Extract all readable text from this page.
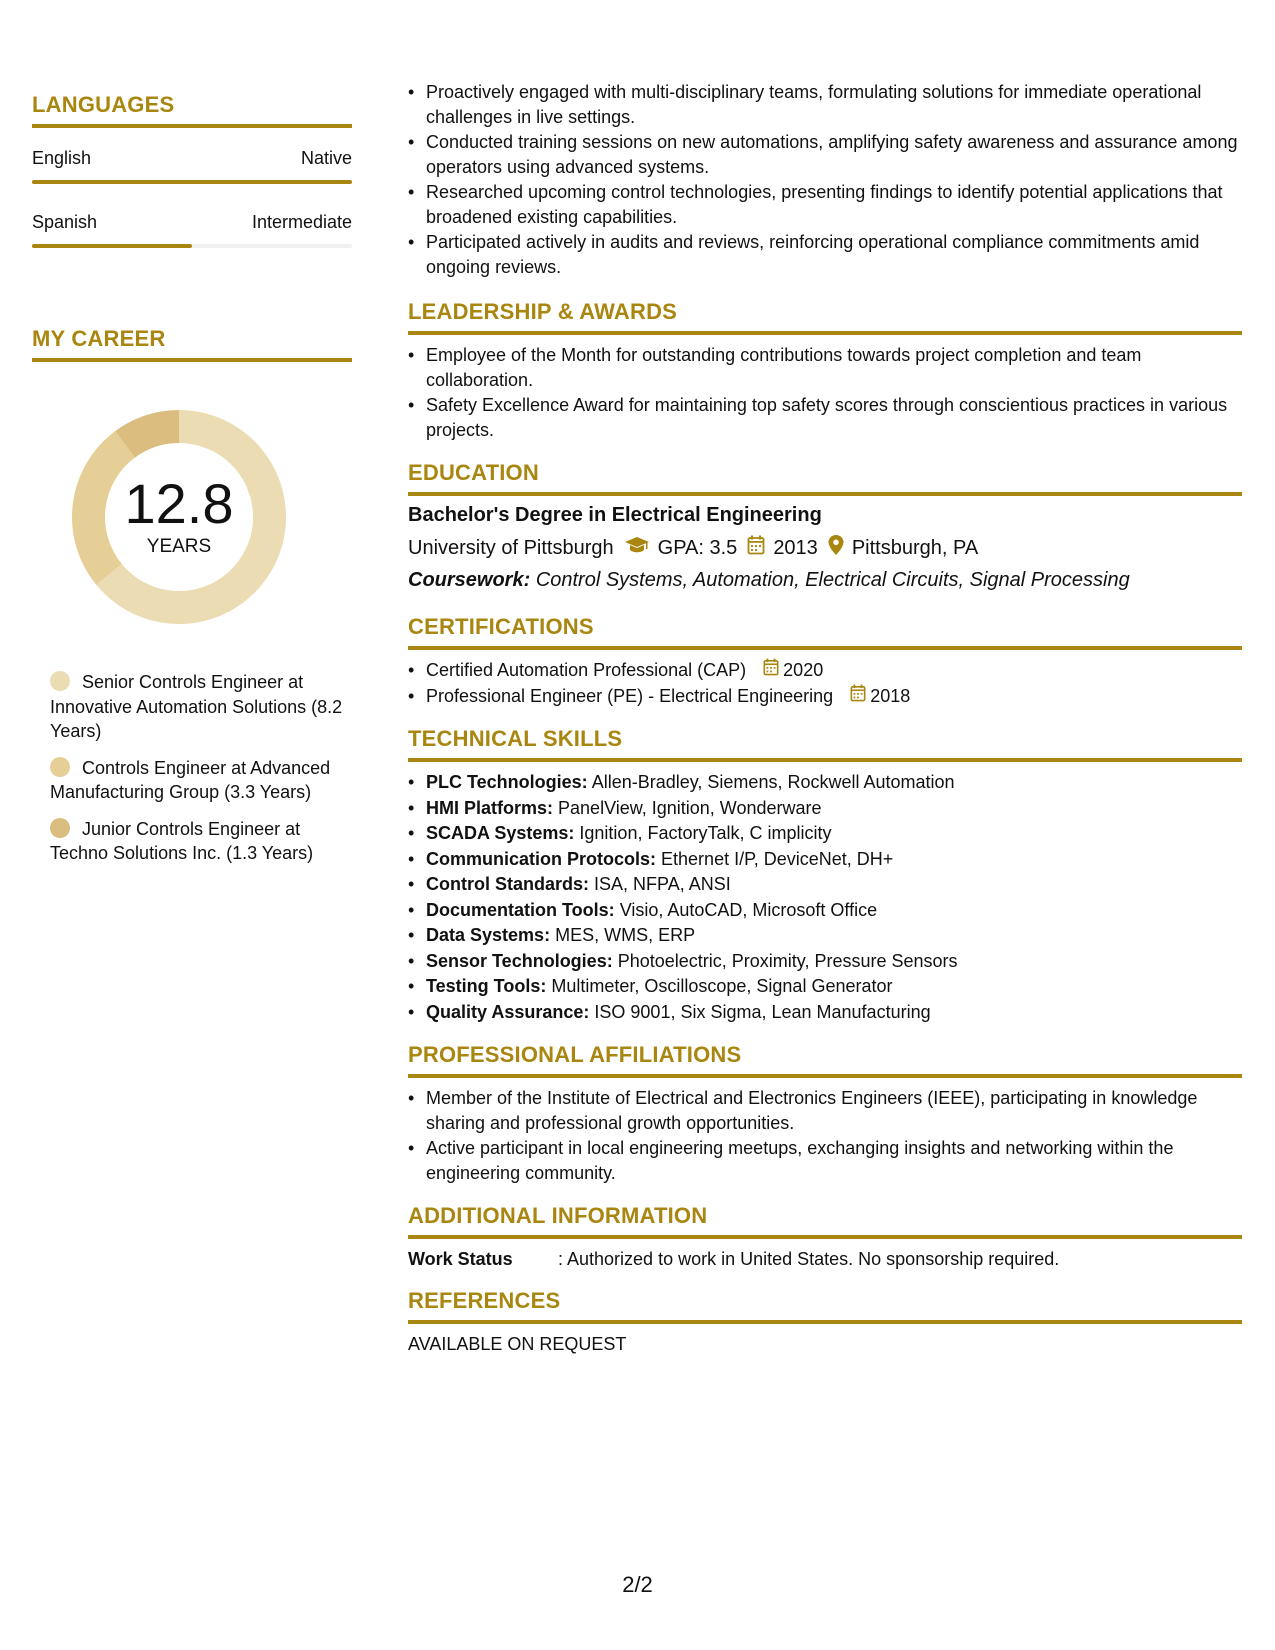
LANGUAGES
English	Native
Spanish	Intermediate
MY CAREER
12.8
YEARS
Senior Controls Engineer at Innovative Automation Solutions (8.2 Years)
Controls Engineer at Advanced Manufacturing Group (3.3 Years)
Junior Controls Engineer at Techno Solutions Inc. (1.3 Years)
• Proactively engaged with multi-disciplinary teams, formulating solutions for immediate operational challenges in live settings.
• Conducted training sessions on new automations, amplifying safety awareness and assurance among operators using advanced systems.
• Researched upcoming control technologies, presenting findings to identify potential applications that broadened existing capabilities.
• Participated actively in audits and reviews, reinforcing operational compliance commitments amid ongoing reviews.
LEADERSHIP & AWARDS
• Employee of the Month for outstanding contributions towards project completion and team collaboration.
• Safety Excellence Award for maintaining top safety scores through conscientious practices in various projects.
EDUCATION
Bachelor's Degree in Electrical Engineering
University of Pittsburgh GPA: 3.5 2013 Pittsburgh, PA
Coursework: Control Systems, Automation, Electrical Circuits, Signal Processing
CERTIFICATIONS
• Certified Automation Professional (CAP) 2020
• Professional Engineer (PE) - Electrical Engineering 2018
TECHNICAL SKILLS
• PLC Technologies: Allen-Bradley, Siemens, Rockwell Automation
• HMI Platforms: PanelView, Ignition, Wonderware
• SCADA Systems: Ignition, FactoryTalk, C implicity
• Communication Protocols: Ethernet I/P, DeviceNet, DH+
• Control Standards: ISA, NFPA, ANSI
• Documentation Tools: Visio, AutoCAD, Microsoft Office
• Data Systems: MES, WMS, ERP
• Sensor Technologies: Photoelectric, Proximity, Pressure Sensors
• Testing Tools: Multimeter, Oscilloscope, Signal Generator
• Quality Assurance: ISO 9001, Six Sigma, Lean Manufacturing
PROFESSIONAL AFFILIATIONS
• Member of the Institute of Electrical and Electronics Engineers (IEEE), participating in knowledge sharing and professional growth opportunities.
• Active participant in local engineering meetups, exchanging insights and networking within the engineering community.
ADDITIONAL INFORMATION
Work Status	: Authorized to work in United States. No sponsorship required.
REFERENCES
AVAILABLE ON REQUEST
2/2
